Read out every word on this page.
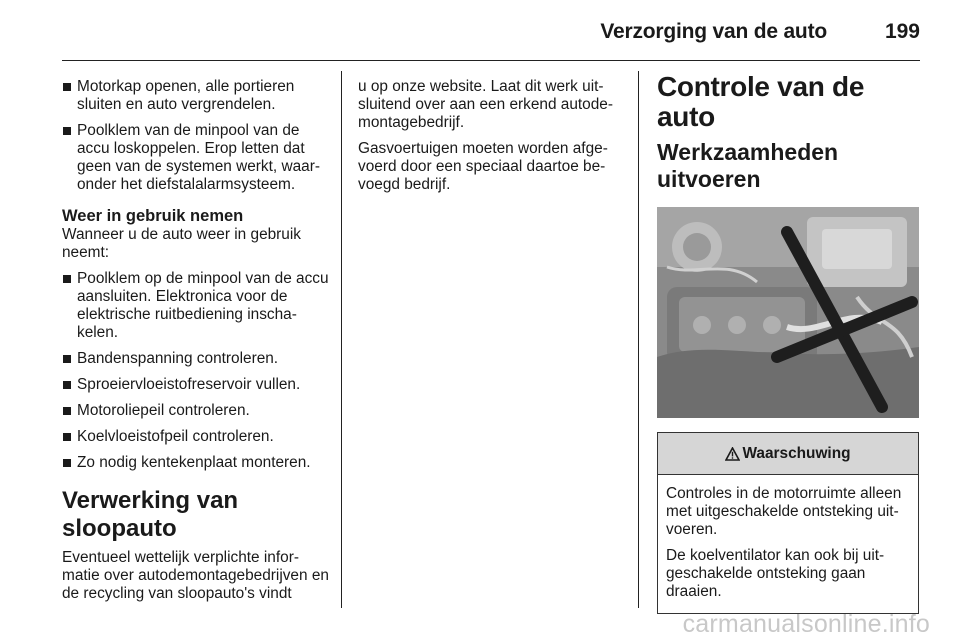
Verzorging van de auto	199
Motorkap openen, alle portieren sluiten en auto vergrendelen.
Poolklem van de minpool van de accu loskoppelen. Erop letten dat geen van de systemen werkt, waar-onder het diefstalalarmsysteem.
Weer in gebruik nemen

Wanneer u de auto weer in gebruik neemt:

Poolklem op de minpool van de accu aansluiten. Elektronica voor de elektrische ruitbediening inscha-kelen.
Bandenspanning controleren.
Sproeiervloeistofreservoir vullen.
Motoroliepeil controleren.
Koelvloeistofpeil controleren.
Zo nodig kentekenplaat monteren.
Verwerking van sloopauto

Eventueel wettelijk verplichte infor-matie over autodemontagebedrijven en de recycling van sloopauto's vindt

u op onze website. Laat dit werk uit-sluitend over aan een erkend autode-montagebedrijf.

Gasvoertuigen moeten worden afge-voerd door een speciaal daartoe be-voegd bedrijf.

Controle van de auto
Werkzaamheden uitvoeren
Waarschuwing

Controles in de motorruimte alleen met uitgeschakelde ontsteking uit-voeren.

De koelventilator kan ook bij uit-geschakelde ontsteking gaan draaien.

carmanualsonline.info
